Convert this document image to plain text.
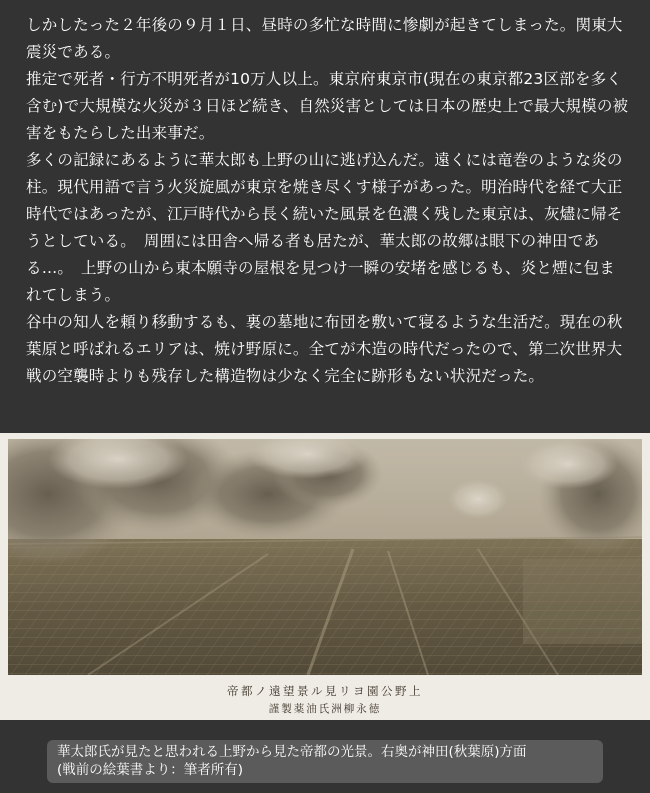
しかしたった２年後の９月１日、昼時の多忙な時間に惨劇が起きてしまった。関東大震災である。

推定で死者・行方不明死者が10万人以上。東京府東京市(現在の東京都23区部を多く含む)で大規模な火災が３日ほど続き、自然災害としては日本の歴史上で最大規模の被害をもたらした出来事だ。

多くの記録にあるように華太郎も上野の山に逃げ込んだ。遠くには竜巻のような炎の柱。現代用語で言う火災旋風が東京を焼き尽くす様子があった。明治時代を経て大正時代ではあったが、江戸時代から長く続いた風景を色濃く残した東京は、灰燼に帰そうとしている。　周囲には田舎へ帰る者も居たが、華太郎の故郷は眼下の神田である…。　上野の山から東本願寺の屋根を見つけ一瞬の安堵を感じるも、炎と煙に包まれてしまう。

谷中の知人を頼り移動するも、裏の墓地に布団を敷いて寝るような生活だ。現在の秋葉原と呼ばれるエリアは、焼け野原に。全てが木造の時代だったので、第二次世界大戦の空襲時よりも残存した構造物は少なく完全に跡形もない状況だった。

帝都ノ遠望景ル見リヨ園公野上
謹製薬油氏洲柳永徳
華太郎氏が見たと思われる上野から見た帝都の光景。右奥が神田(秋葉原)方面
(戦前の絵葉書より：筆者所有)
